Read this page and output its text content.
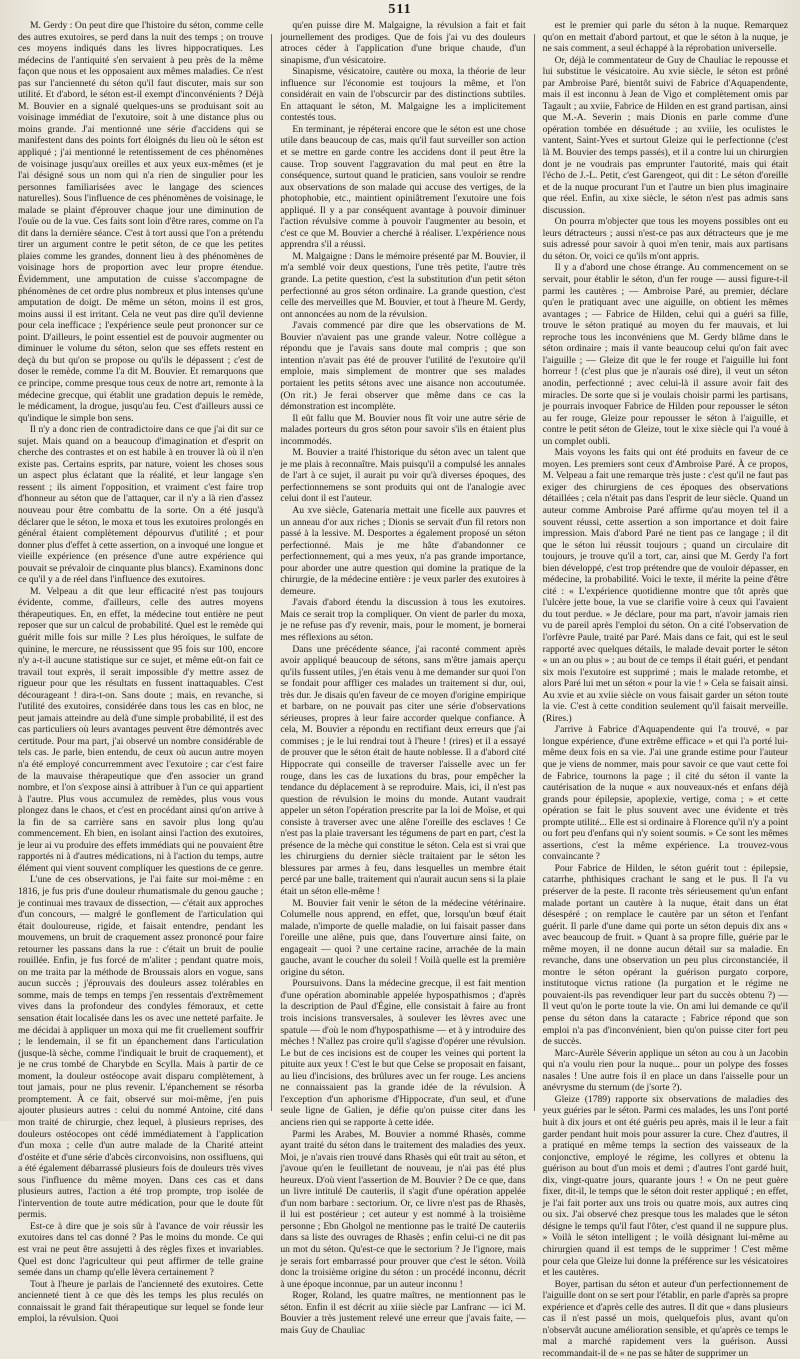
511

M. Gerdy : On peut dire que l'histoire du séton, comme celle des autres exutoires, se perd dans la nuit des temps ; on trouve ces moyens indiqués dans les livres hippocratiques. Les médecins de l'antiquité s'en servaient à peu près de la même façon que nous et les opposaient aux mêmes maladies. Ce n'est pas sur l'ancienneté du séton qu'il faut discuter, mais sur son utilité. Et d'abord, le séton est-il exempt d'inconvénients ? Déjà M. Bouvier en a signalé quelques-uns se produisant soit au voisinage immédiat de l'exutoire, soit à une distance plus ou moins grande. J'ai mentionné une série d'accidens qui se manifestent dans des points fort éloignés du lieu où le séton est appliqué ; j'ai mentionné le retentissement de ces phénomènes de voisinage jusqu'aux oreilles et aux yeux eux-mêmes (et je l'ai désigné sous un nom qui n'a rien de singulier pour les personnes familiarisées avec le langage des sciences naturelles). Sous l'influence de ces phénomènes de voisinage, le malade se plaint d'éprouver chaque jour une diminution de l'ouïe ou de la vue. Ces faits sont loin d'être rares, comme on l'a dit dans la dernière séance. C'est à tort aussi que l'on a prétendu tirer un argument contre le petit séton, de ce que les petites plaies comme les grandes, donnent lieu à des phénomènes de voisinage hors de proportion avec leur propre étendue. Évidemment, une amputation de cuisse s'accompagne de phénomènes de cet ordre plus nombreux et plus intenses qu'une amputation de doigt. De même un séton, moins il est gros, moins aussi il est irritant. Cela ne veut pas dire qu'il devienne pour cela inefficace ; l'expérience seule peut prononcer sur ce point. D'ailleurs, le point essentiel est de pouvoir augmenter ou diminuer le volume du séton, selon que ses effets restent en deçà du but qu'on se propose ou qu'ils le dépassent ; c'est de doser le remède, comme l'a dit M. Bouvier. Et remarquons que ce principe, comme presque tous ceux de notre art, remonte à la médecine grecque, qui établit une gradation depuis le remède, le médicament, la drogue, jusqu'au feu. C'est d'ailleurs aussi ce qu'indique le simple bon sens.

Il n'y a donc rien de contradictoire dans ce que j'ai dit sur ce sujet. Mais quand on a beaucoup d'imagination et d'esprit on cherche des contrastes et on est habile à en trouver là où il n'en existe pas. Certains esprits, par nature, voient les choses sous un aspect plus éclatant que la réalité, et leur langage s'en ressent ; ils aiment l'opposition, et vraiment c'est faire trop d'honneur au séton que de l'attaquer, car il n'y a là rien d'assez nouveau pour être combattu de la sorte. On a été jusqu'à déclarer que le séton, le moxa et tous les exutoires prolongés en général étaient complètement dépourvus d'utilité ; et pour donner plus d'effet à cette assertion, on a invoqué une longue et vieille expérience (en présence d'une autre expérience qui pouvait se prévaloir de cinquante plus blancs). Examinons donc ce qu'il y a de réel dans l'influence des exutoires.

M. Velpeau a dit que leur efficacité n'est pas toujours évidente, comme, d'ailleurs, celle des autres moyens thérapeutiques. En, en effet, la médecine tout entière ne peut reposer que sur un calcul de probabilité. Quel est le remède qui guérit mille fois sur mille ? Les plus héroïques, le sulfate de quinine, le mercure, ne réussissent que 95 fois sur 100, encore n'y a-t-il aucune statistique sur ce sujet, et même eût-on fait ce travail tout exprès, il serait impossible d'y mettre assez de rigueur pour que les résultats en fussent inattaquables. C'est décourageant ! dira-t-on. Sans doute ; mais, en revanche, si l'utilité des exutoires, considérée dans tous les cas en bloc, ne peut jamais atteindre au delà d'une simple probabilité, il est des cas particuliers où leurs avantages peuvent être démontrés avec certitude. Pour ma part, j'ai observé un nombre considérable de tels cas. Je parle, bien entendu, de ceux où aucun autre moyen n'a été employé concurremment avec l'exutoire ; car c'est faire de la mauvaise thérapeutique que d'en associer un grand nombre, et l'on s'expose ainsi à attribuer à l'un ce qui appartient à l'autre. Plus vous accumulez de remèdes, plus vous vous plongez dans le chaos, et c'est en procédant ainsi qu'on arrive à la fin de sa carrière sans en savoir plus long qu'au commencement. Eh bien, en isolant ainsi l'action des exutoires, je leur ai vu produire des effets immédiats qui ne pouvaient être rapportés ni à d'autres médications, ni à l'action du temps, autre élément qui vient souvent compliquer les questions de ce genre.

L'une de ces observations, je l'ai faite sur moi-même : en 1816, je fus pris d'une douleur rhumatismale du genou gauche ; je continuai mes travaux de dissection, — c'était aux approches d'un concours, — malgré le gonflement de l'articulation qui était douloureuse, rigide, et faisait entendre, pendant les mouvemens, un bruit de craquement assez prononcé pour faire retourner les passans dans la rue : c'était un bruit de poulie rouillée. Enfin, je fus forcé de m'aliter ; pendant quatre mois, on me traita par la méthode de Broussais alors en vogue, sans aucun succès ; j'éprouvais des douleurs assez tolérables en somme, mais de temps en temps j'en ressentais d'extrêmement vives dans la profondeur des condyles fémoraux, et cette sensation était localisée dans les os avec une netteté parfaite. Je me décidai à appliquer un moxa qui me fit cruellement souffrir ; le lendemain, il se fit un épanchement dans l'articulation (jusque-là sèche, comme l'indiquait le bruit de craquement), et je ne crus tombé de Charybde en Scylla. Mais à partir de ce moment, la douleur ostéocope avait disparu complètement, à tout jamais, pour ne plus revenir. L'épanchement se résorba promptement. À ce fait, observé sur moi-même, j'en puis ajouter plusieurs autres : celui du nommé Antoine, cité dans mon traité de chirurgie, chez lequel, à plusieurs reprises, des douleurs ostéocopes ont cédé immédiatement à l'application d'un moxa ; celle d'un autre malade de la Charité atteint d'ostéite et d'une série d'abcès circonvoisins, non ossifluens, qui a été également débarrassé plusieurs fois de douleurs très vives sous l'influence du même moyen. Dans ces cas et dans plusieurs autres, l'action a été trop prompte, trop isolée de l'intervention de toute autre médication, pour que le doute fût permis.

Est-ce à dire que je sois sûr à l'avance de voir réussir les exutoires dans tel cas donné ? Pas le moins du monde. Ce qui est vrai ne peut être assujetti à des règles fixes et invariables. Quel est donc l'agriculteur qui peut affirmer de telle graine semée dans un champ qu'elle lèvera certainement ?

Tout à l'heure je parlais de l'ancienneté des exutoires. Cette ancienneté tient à ce que dès les temps les plus reculés on connaissait le grand fait thérapeutique sur lequel se fonde leur emploi, la révulsion. Quoi

qu'en puisse dire M. Malgaigne, la révulsion a fait et fait journellement des prodiges. Que de fois j'ai vu des douleurs atroces céder à l'application d'une brique chaude, d'un sinapisme, d'un vésicatoire.

Sinapisme, vésicatoire, cautère ou moxa, la théorie de leur influence sur l'économie est toujours la même, et l'on considérait en vain de l'obscurcir par des distinctions subtiles. En attaquant le séton, M. Malgaigne les a implicitement contestés tous.

En terminant, je répéterai encore que le séton est une chose utile dans beaucoup de cas, mais qu'il faut surveiller son action et se mettre en garde contre les accidens dont il peut être la cause. Trop souvent l'aggravation du mal peut en être la conséquence, surtout quand le praticien, sans vouloir se rendre aux observations de son malade qui accuse des vertiges, de la photophobie, etc., maintient opiniâtrement l'exutoire une fois appliqué. Il y a par conséquent avantage à pouvoir diminuer l'action révulsive comme à pouvoir l'augmenter au besoin, et c'est ce que M. Bouvier a cherché à réaliser. L'expérience nous apprendra s'il a réussi.

M. Malgaigne : Dans le mémoire présenté par M. Bouvier, il m'a semblé voir deux questions, l'une très petite, l'autre très grande. La petite question, c'est la substitution d'un petit séton perfectionné au gros séton ordinaire. La grande question, c'est celle des merveilles que M. Bouvier, et tout à l'heure M. Gerdy, ont annoncées au nom de la révulsion.

J'avais commencé par dire que les observations de M. Bouvier n'avaient pas une grande valeur. Notre collègue a répondu que je l'avais sans doute mal compris ; que son intention n'avait pas été de prouver l'utilité de l'exutoire qu'il emploie, mais simplement de montrer que ses malades portaient les petits sétons avec une aisance non accoutumée. (On rit.) Je ferai observer que même dans ce cas la démonstration est incomplète.

Il eût fallu que M. Bouvier nous fît voir une autre série de malades porteurs du gros séton pour savoir s'ils en étaient plus incommodés.

M. Bouvier a traité l'historique du séton avec un talent que je me plais à reconnaître. Mais puisqu'il a compulsé les annales de l'art à ce sujet, il aurait pu voir qu'à diverses époques, des perfectionnemens se sont produits qui ont de l'analogie avec celui dont il est l'auteur.

Au xve siècle, Gatenaria mettait une ficelle aux pauvres et un anneau d'or aux riches ; Dionis se servait d'un fil retors non passé à la lessive. M. Desportes a également proposé un séton perfectionné. Mais je me hâte d'abandonner ce perfectionnement, qui a mes yeux, n'a pas grande importance, pour aborder une autre question qui domine la pratique de la chirurgie, de la médecine entière : je veux parler des exutoires à demeure.

J'avais d'abord étendu la discussion à tous les exutoires. Mais ce serait trop la compliquer. On vient de parler du moxa, je ne refuse pas d'y revenir, mais, pour le moment, je bornerai mes réflexions au séton.

Dans une précédente séance, j'ai raconté comment après avoir appliqué beaucoup de sétons, sans m'être jamais aperçu qu'ils fussent utiles, j'en étais venu à me demander sur quoi l'on se fondait pour affliger ces malades un traitement si dur, oui, très dur. Je disais qu'en faveur de ce moyen d'origine empirique et barbare, on ne pouvait pas citer une série d'observations sérieuses, propres à leur faire accorder quelque confiance. À cela, M. Bouvier a répondu en rectifiant deux erreurs que j'ai commises ; je le lui rendrai tout à l'heure ! (rires) et il a essayé de prouver que le séton était de haute noblesse. Il a d'abord cité Hippocrate qui conseille de traverser l'aisselle avec un fer rouge, dans les cas de luxations du bras, pour empêcher la tendance du déplacement à se reproduire. Mais, ici, il n'est pas question de révulsion le moins du monde. Autant vaudrait appeler un séton l'opération prescrite par la loi de Moïse, et qui consiste à traverser avec une alêne l'oreille des esclaves ! Ce n'est pas la plaie traversant les tégumens de part en part, c'est la présence de la mèche qui constitue le séton. Cela est si vrai que les chirurgiens du dernier siècle traitaient par le séton les blessures par armes à feu, dans lesquelles un membre était percé par une balle, traitement qui n'aurait aucun sens si la plaie était un séton elle-même !

M. Bouvier fait venir le séton de la médecine vétérinaire. Columelle nous apprend, en effet, que, lorsqu'un bœuf était malade, n'importe de quelle maladie, on lui faisait passer dans l'oreille une alêne, puis que, dans l'ouverture ainsi faite, on engageait — quoi ? une certaine racine, arrachée de la main gauche, avant le coucher du soleil ! Voilà quelle est la première origine du séton.

Poursuivons. Dans la médecine grecque, il est fait mention d'une opération abominable appelée hypospathismos ; d'après la description de Paul d'Égine, elle consistait à faire au front trois incisions transversales, à soulever les lèvres avec une spatule — d'où le nom d'hypospathisme — et à y introduire des mèches ! N'allez pas croire qu'il s'agisse d'opérer une révulsion. Le but de ces incisions est de couper les veines qui portent la pituite aux yeux ! C'est le but que Celse se proposait en faisant, au lieu d'incisions, des brûlures avec un fer rouge. Les anciens ne connaissaient pas la grande idée de la révulsion. À l'exception d'un aphorisme d'Hippocrate, d'un seul, et d'une seule ligne de Galien, je défie qu'on puisse citer dans les anciens rien qui se rapporte à cette idée.

Parmi les Arabes, M. Bouvier a nommé Rhasès, comme ayant traité du séton dans le traitement des maladies des yeux. Moi, je n'avais rien trouvé dans Rhasès qui eût trait au séton, et j'avoue qu'en le feuilletant de nouveau, je n'ai pas été plus heureux. D'où vient l'assertion de M. Bouvier ? De ce que, dans un livre intitulé De cauteriis, il s'agit d'une opération appelée d'un nom barbare : sectorium. Or, ce livre n'est pas de Rhasès, il lui est postérieur ; cet auteur y est nommé à la troisième personne ; Ebn Gholgol ne mentionne pas le traité De cauteriis dans sa liste des ouvrages de Rhasès ; enfin celui-ci ne dit pas un mot du séton. Qu'est-ce que le sectorium ? Je l'ignore, mais je serais fort embarrassé pour prouver que c'est le séton. Voilà donc la troisième origine du séton : un procédé inconnu, décrit à une époque inconnue, par un auteur inconnu !

Roger, Roland, les quatre maîtres, ne mentionnent pas le séton. Enfin il est décrit au xiiie siècle par Lanfranc — ici M. Bouvier a très justement relevé une erreur que j'avais faite, — mais Guy de Chauliac

est le premier qui parle du séton à la nuque. Remarquez qu'on en mettait d'abord partout, et que le séton à la nuque, je ne sais comment, a seul échappé à la réprobation universelle.

Or, déjà le commentateur de Guy de Chauliac le repousse et lui substitue le vésicatoire. Au xvie siècle, le séton est prôné par Ambroise Paré, bientôt suivi de Fabrice d'Aquapendente, mais il est inconnu à Jean de Vigo et complètement omis par Tagault ; au xviie, Fabrice de Hilden en est grand partisan, ainsi que M.-A. Severin ; mais Dionis en parle comme d'une opération tombée en désuétude ; au xviiie, les oculistes le vantent, Saint-Yves et surtout Gleize qui le perfectionne (c'est là M. Bouvier des temps passés), et il a contre lui un chirurgien dont je ne voudrais pas emprunter l'autorité, mais qui était l'écho de J.-L. Petit, c'est Garengeot, qui dit : Le séton d'oreille et de la nuque procurant l'un et l'autre un bien plus imaginaire que réel. Enfin, au xixe siècle, le séton n'est pas admis sans discussion.

On pourra m'objecter que tous les moyens possibles ont eu leurs détracteurs ; aussi n'est-ce pas aux détracteurs que je me suis adressé pour savoir à quoi m'en tenir, mais aux partisans du séton. Or, voici ce qu'ils m'ont appris.

Il y a d'abord une chose étrange. Au commencement on se servait, pour établir le séton, d'un fer rouge — aussi figure-t-il parmi les cautères ; — Ambroise Paré, au premier, déclare qu'en le pratiquant avec une aiguille, on obtient les mêmes avantages ; — Fabrice de Hilden, celui qui a guéri sa fille, trouve le séton pratiqué au moyen du fer mauvais, et lui reproche tous les inconvéniens que M. Gerdy blâme dans le séton ordinaire ; mais il vante beaucoup celui qu'on fait avec l'aiguille ; — Gleize dit que le fer rouge et l'aiguille lui font horreur ! (c'est plus que je n'aurais osé dire), il veut un séton anodin, perfectionné ; avec celui-là il assure avoir fait des miracles. De sorte que si je voulais choisir parmi les partisans, je pourrais invoquer Fabrice de Hilden pour repousser le séton au fer rouge, Gleize pour repousser le séton à l'aiguille, et contre le petit séton de Gleize, tout le xixe siècle qui l'a voué à un complet oubli.

Mais voyons les faits qui ont été produits en faveur de ce moyen. Les premiers sont ceux d'Ambroise Paré. À ce propos, M. Velpeau a fait une remarque très juste : c'est qu'il ne faut pas exiger des chirurgiens de ces époques des observations détaillées ; cela n'était pas dans l'esprit de leur siècle. Quand un auteur comme Ambroise Paré affirme qu'au moyen tel il a souvent réussi, cette assertion a son importance et doit faire impression. Mais d'abord Paré ne tient pas ce langage ; il dit que le séton lui réussit toujours ; quand un circulaire dit toujours, je trouve qu'il a tort, car, ainsi que M. Gerdy l'a fort bien développé, c'est trop prétendre que de vouloir dépasser, en médecine, la probabilité. Voici le texte, il mérite la peine d'être cité : « L'expérience quotidienne montre que tôt après que l'ulcère jette boue, la vue se clarifie voire à ceux qui l'avaient du tout perdue. » Je déclare, pour ma part, n'avoir jamais rien vu de pareil après l'emploi du séton. On a cité l'observation de l'orfèvre Paule, traité par Paré. Mais dans ce fait, qui est le seul rapporté avec quelques détails, le malade devait porter le séton « un an ou plus » ; au bout de ce temps il était guéri, et pendant six mois l'exutoire est supprimé ; mais le malade retombe, et alors Paré lui met un séton « pour la vie ! » Cela se faisait ainsi. Au xvie et au xviie siècle on vous faisait garder un séton toute la vie. C'est à cette condition seulement qu'il faisait merveille. (Rires.)

J'arrive à Fabrice d'Aquapendente qui l'a trouvé, « par longue expérience, d'une extrême efficace » et qui l'a porté lui-même deux fois en sa vie. J'ai une grande estime pour l'auteur que je viens de nommer, mais pour savoir ce que vaut cette foi de Fabrice, tournons la page ; il cité du séton il vante la cautérisation de la nuque « aux nouveaux-nés et enfans déjà grands pour épilepsie, apoplexie, vertige, coma ; » et cette opération se fait le plus souvent avec une évidente et très prompte utilité... Elle est si ordinaire à Florence qu'il n'y a point ou fort peu d'enfans qui n'y soient soumis. » Ce sont les mêmes assertions, c'est la même expérience. La trouvez-vous convaincante ?

Pour Fabrice de Hilden, le séton guérit tout : épilepsie, catarrhe, phthisiques crachant le sang et le pus. Il l'a vu préserver de la peste. Il raconte très sérieusement qu'un enfant malade portant un cautère à la nuque, était dans un état désespéré ; on remplace le cautère par un séton et l'enfant guérit. Il parle d'une dame qui porte un séton depuis dix ans « avec beaucoup de fruit. » Quant à sa propre fille, guérie par le même moyen, il ne donne aucun détail sur sa maladie. En revanche, dans une observation un peu plus circonstanciée, il montre le séton opérant la guérison purgato corpore, institutoque victus ratione (la purgation et le régime ne pouvaient-ils pas revendiquer leur part du succès obtenu ?) — Il veut qu'on le porte toute la vie. On ami lui demande ce qu'il pense du séton dans la cataracte ; Fabrice répond que son emploi n'a pas d'inconvénient, bien qu'on puisse citer fort peu de succès.

Marc-Aurèle Séverin applique un séton au cou à un Jacobin qui n'a voulu rien pour la nuque... pour un polype des fosses nasales ! Une autre fois il en place un dans l'aisselle pour un anévrysme du sternum (de j'sorte ?).

Gleize (1789) rapporte six observations de maladies des yeux guéries par le séton. Parmi ces malades, les uns l'ont porté huit à dix jours et ont été guéris peu après, mais il le leur a fait garder pendant huit mois pour assurer la cure. Chez d'autres, il a pratiqué en même temps la section des vaisseaux de la conjonctive, employé le régime, les collyres et obtenu la guérison au bout d'un mois et demi ; d'autres l'ont gardé huit, dix, vingt-quatre jours, quarante jours ! « On ne peut guère fixer, dit-il, le temps que le séton doit rester appliqué ; en effet, je l'ai fait porter aux uns trois ou quatre mois, aux autres cinq ou six. J'ai observé chez presque tous les malades que le séton désigne le temps qu'il faut l'ôter, c'est quand il ne suppure plus. » Voilà le séton intelligent ; le voilà désignant lui-même au chirurgien quand il est temps de le supprimer ! C'est même pour cela que Gleize lui donne la préférence sur les vésicatoires et les cautères.

Boyer, partisan du séton et auteur d'un perfectionnement de l'aiguille dont on se sert pour l'établir, en parle d'après sa propre expérience et d'après celle des autres. Il dit que « dans plusieurs cas il n'est passé un mois, quelquefois plus, avant qu'on n'observât aucune amélioration sensible, et qu'après ce temps le mal a marché rapidement vers la guérison. Aussi recommandait-il de « ne pas se hâter de supprimer un
